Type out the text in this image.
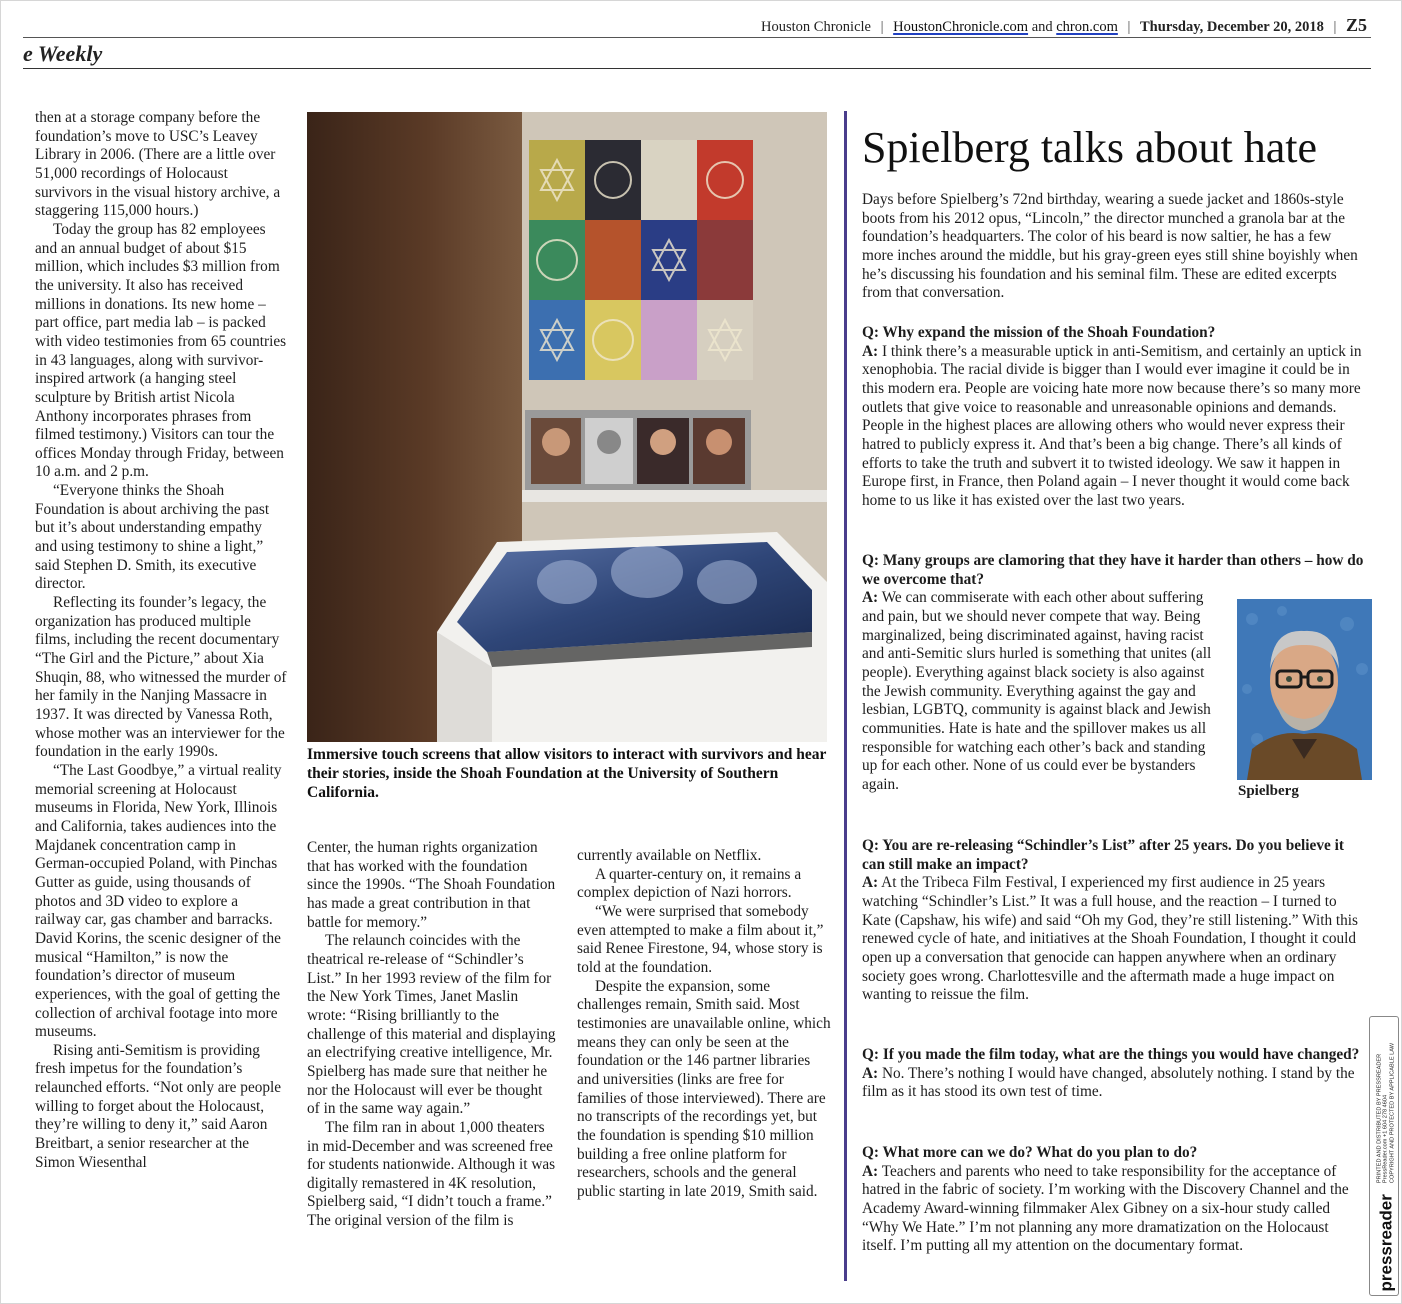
Houston Chronicle | HoustonChronicle.com and chron.com | Thursday, December 20, 2018 | Z5
e Weekly

then at a storage company before the foundation’s move to USC’s Leavey Library in 2006. (There are a little over 51,000 recordings of Holocaust survivors in the visual history archive, a staggering 115,000 hours.)

Today the group has 82 employees and an annual budget of about $15 million, which includes $3 million from the university. It also has received millions in donations. Its new home – part office, part media lab – is packed with video testimonies from 65 countries in 43 languages, along with survivor-inspired artwork (a hanging steel sculpture by British artist Nicola Anthony incorporates phrases from filmed testimony.) Visitors can tour the offices Monday through Friday, between 10 a.m. and 2 p.m.

“Everyone thinks the Shoah Foundation is about archiving the past but it’s about understanding empathy and using testimony to shine a light,” said Stephen D. Smith, its executive director.

Reflecting its founder’s legacy, the organization has produced multiple films, including the recent documentary “The Girl and the Picture,” about Xia Shuqin, 88, who witnessed the murder of her family in the Nanjing Massacre in 1937. It was directed by Vanessa Roth, whose mother was an interviewer for the foundation in the early 1990s.

“The Last Goodbye,” a virtual reality memorial screening at Holocaust museums in Florida, New York, Illinois and California, takes audiences into the Majdanek concentration camp in German-occupied Poland, with Pinchas Gutter as guide, using thousands of photos and 3D video to explore a railway car, gas chamber and barracks. David Korins, the scenic designer of the musical “Hamilton,” is now the foundation’s director of museum experiences, with the goal of getting the collection of archival footage into more museums.

Rising anti-Semitism is providing fresh impetus for the foundation’s relaunched efforts. “Not only are people willing to forget about the Holocaust, they’re willing to deny it,” said Aaron Breitbart, a senior researcher at the Simon Wiesenthal

Immersive touch screens that allow visitors to interact with survivors and hear their stories, inside the Shoah Foundation at the University of Southern California.

Center, the human rights organization that has worked with the foundation since the 1990s. “The Shoah Foundation has made a great contribution in that battle for memory.”

The relaunch coincides with the theatrical re-release of “Schindler’s List.” In her 1993 review of the film for the New York Times, Janet Maslin wrote: “Rising brilliantly to the challenge of this material and displaying an electrifying creative intelligence, Mr. Spielberg has made sure that neither he nor the Holocaust will ever be thought of in the same way again.”

The film ran in about 1,000 theaters in mid-December and was screened free for students nationwide. Although it was digitally remastered in 4K resolution, Spielberg said, “I didn’t touch a frame.” The original version of the film is

currently available on Netflix.

A quarter-century on, it remains a complex depiction of Nazi horrors.

“We were surprised that somebody even attempted to make a film about it,” said Renee Firestone, 94, whose story is told at the foundation.

Despite the expansion, some challenges remain, Smith said. Most testimonies are unavailable online, which means they can only be seen at the foundation or the 146 partner libraries and universities (links are free for families of those interviewed). There are no transcripts of the recordings yet, but the foundation is spending $10 million building a free online platform for researchers, schools and the general public starting in late 2019, Smith said.

Spielberg talks about hate
Days before Spielberg’s 72nd birthday, wearing a suede jacket and 1860s-style boots from his 2012 opus, “Lincoln,” the director munched a granola bar at the foundation’s headquarters. The color of his beard is now saltier, he has a few more inches around the middle, but his gray-green eyes still shine boyishly when he’s discussing his foundation and his seminal film. These are edited excerpts from that conversation.
Q: Why expand the mission of the Shoah Foundation?
A: I think there’s a measurable uptick in anti-Semitism, and certainly an uptick in xenophobia. The racial divide is bigger than I would ever imagine it could be in this modern era. People are voicing hate more now because there’s so many more outlets that give voice to reasonable and unreasonable opinions and demands. People in the highest places are allowing others who would never express their hatred to publicly express it. And that’s been a big change. There’s all kinds of efforts to take the truth and subvert it to twisted ideology. We saw it happen in Europe first, in France, then Poland again – I never thought it would come back home to us like it has existed over the last two years.
Q: Many groups are clamoring that they have it harder than others – how do we overcome that?
A: We can commiserate with each other about suffering and pain, but we should never compete that way. Being marginalized, being discriminated against, having racist and anti-Semitic slurs hurled is something that unites (all people). Everything against black society is also against the Jewish community. Everything against the gay and lesbian, LGBTQ, community is against black and Jewish communities. Hate is hate and the spillover makes us all responsible for watching each other’s back and standing up for each other. None of us could ever be bystanders again.	Spielberg
Q: You are re-releasing “Schindler’s List” after 25 years. Do you believe it can still make an impact?
A: At the Tribeca Film Festival, I experienced my first audience in 25 years watching “Schindler’s List.” It was a full house, and the reaction – I turned to Kate (Capshaw, his wife) and said “Oh my God, they’re still listening.” With this renewed cycle of hate, and initiatives at the Shoah Foundation, I thought it could open up a conversation that genocide can happen anywhere when an ordinary society goes wrong. Charlottesville and the aftermath made a huge impact on wanting to reissue the film.
Q: If you made the film today, what are the things you would have changed?
A: No. There’s nothing I would have changed, absolutely nothing. I stand by the film as it has stood its own test of time.
Q: What more can we do? What do you plan to do?
A: Teachers and parents who need to take responsibility for the acceptance of hatred in the fabric of society. I’m working with the Discovery Channel and the Academy Award-winning filmmaker Alex Gibney on a six-hour study called “Why We Hate.” I’m not planning any more dramatization on the Holocaust itself. I’m putting all my attention on the documentary format.	pressreader PRINTED AND DISTRIBUTED BY PRESSREADER
PressReader.com +1 604 278 4604
COPYRIGHT AND PROTECTED BY APPLICABLE LAW
